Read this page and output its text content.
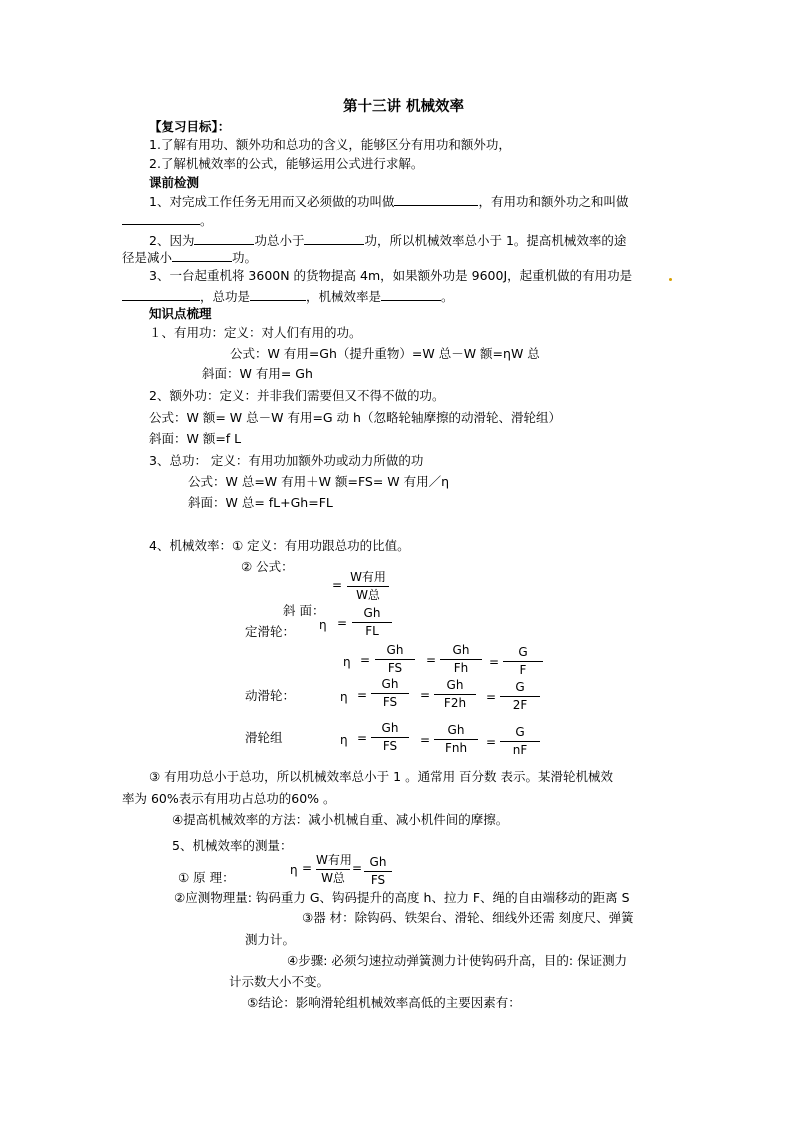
第十三讲 机械效率
【复习目标】：
1.了解有用功、额外功和总功的含义，能够区分有用功和额外功，
2.了解机械效率的公式，能够运用公式进行求解。
课前检测
1、对完成工作任务无用而又必须做的功叫做	，有用功和额外功之和叫做
。
2、因为	功总小于	功，所以机械效率总小于 1。提高机械效率的途
径是减小	功。
3、一台起重机将 3600N 的货物提高 4m，如果额外功是 9600J，起重机做的有用功是
，总功是	，机械效率是	。
知识点梳理
１、有用功：定义：对人们有用的功。
公式：W 有用=Gh（提升重物）=W 总－W 额=ηW 总
斜面：W 有用= Gh
2、额外功：定义：并非我们需要但又不得不做的功。
公式：W 额= W 总－W 有用=G 动 h（忽略轮轴摩擦的动滑轮、滑轮组）
斜面：W 额=f L
3、总功： 定义：有用功加额外功或动力所做的功
公式：W 总=W 有用＋W 额=FS= W 有用／η
斜面：W 总= fL+Gh=FL
4、机械效率：① 定义：有用功跟总功的比值。
② 公式：
=
W有用
W总
斜 面：
定滑轮： η =
Gh
FL
η =
Gh
FS
=
Gh
Fh	=
G
F
动滑轮：	η =
Gh
FS	=
Gh
F2h	=
G
2F
滑轮组	η =
Gh
FS	=
Gh
Fnh	=
G
nF
③ 有用功总小于总功，所以机械效率总小于 1 。通常用 百分数 表示。某滑轮机械效
率为 60%表示有用功占总功的60% 。
④提高机械效率的方法：减小机械自重、减小机件间的摩擦。
5、机械效率的测量：
① 原 理：	η =
W有用
W总
= Gh
FS
②应测物理量: 钩码重力 G、钩码提升的高度 h、拉力 F、绳的自由端移动的距离 S
③器 材：除钩码、铁架台、滑轮、细线外还需 刻度尺、弹簧
测力计。
④步骤: 必须匀速拉动弹簧测力计使钩码升高，目的: 保证测力
计示数大小不变。
⑤结论：影响滑轮组机械效率高低的主要因素有：
